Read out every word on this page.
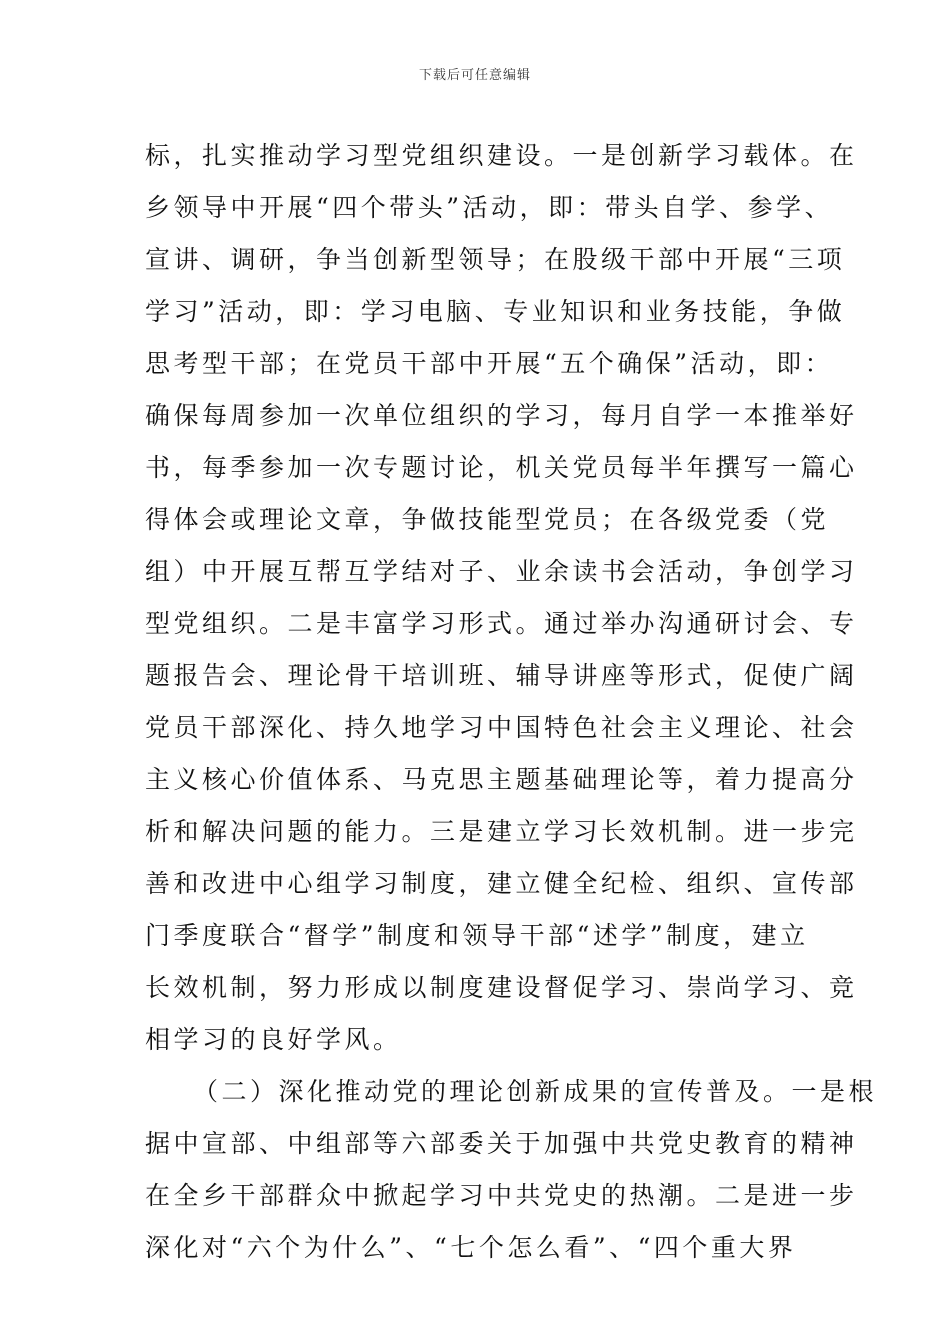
下载后可任意编辑
标，扎实推动学习型党组织建设。一是创新学习载体。在
乡领导中开展“四个带头”活动，即：带头自学、参学、
宣讲、调研，争当创新型领导；在股级干部中开展“三项
学习”活动，即：学习电脑、专业知识和业务技能，争做
思考型干部；在党员干部中开展“五个确保”活动，即：
确保每周参加一次单位组织的学习，每月自学一本推举好
书，每季参加一次专题讨论，机关党员每半年撰写一篇心
得体会或理论文章，争做技能型党员；在各级党委（党
组）中开展互帮互学结对子、业余读书会活动，争创学习
型党组织。二是丰富学习形式。通过举办沟通研讨会、专
题报告会、理论骨干培训班、辅导讲座等形式，促使广阔
党员干部深化、持久地学习中国特色社会主义理论、社会
主义核心价值体系、马克思主题基础理论等，着力提高分
析和解决问题的能力。三是建立学习长效机制。进一步完
善和改进中心组学习制度，建立健全纪检、组织、宣传部
门季度联合“督学”制度和领导干部“述学”制度，建立
长效机制，努力形成以制度建设督促学习、崇尚学习、竞
相学习的良好学风。
（二）深化推动党的理论创新成果的宣传普及。一是根
据中宣部、中组部等六部委关于加强中共党史教育的精神
在全乡干部群众中掀起学习中共党史的热潮。二是进一步
深化对“六个为什么”、“七个怎么看”、“四个重大界
